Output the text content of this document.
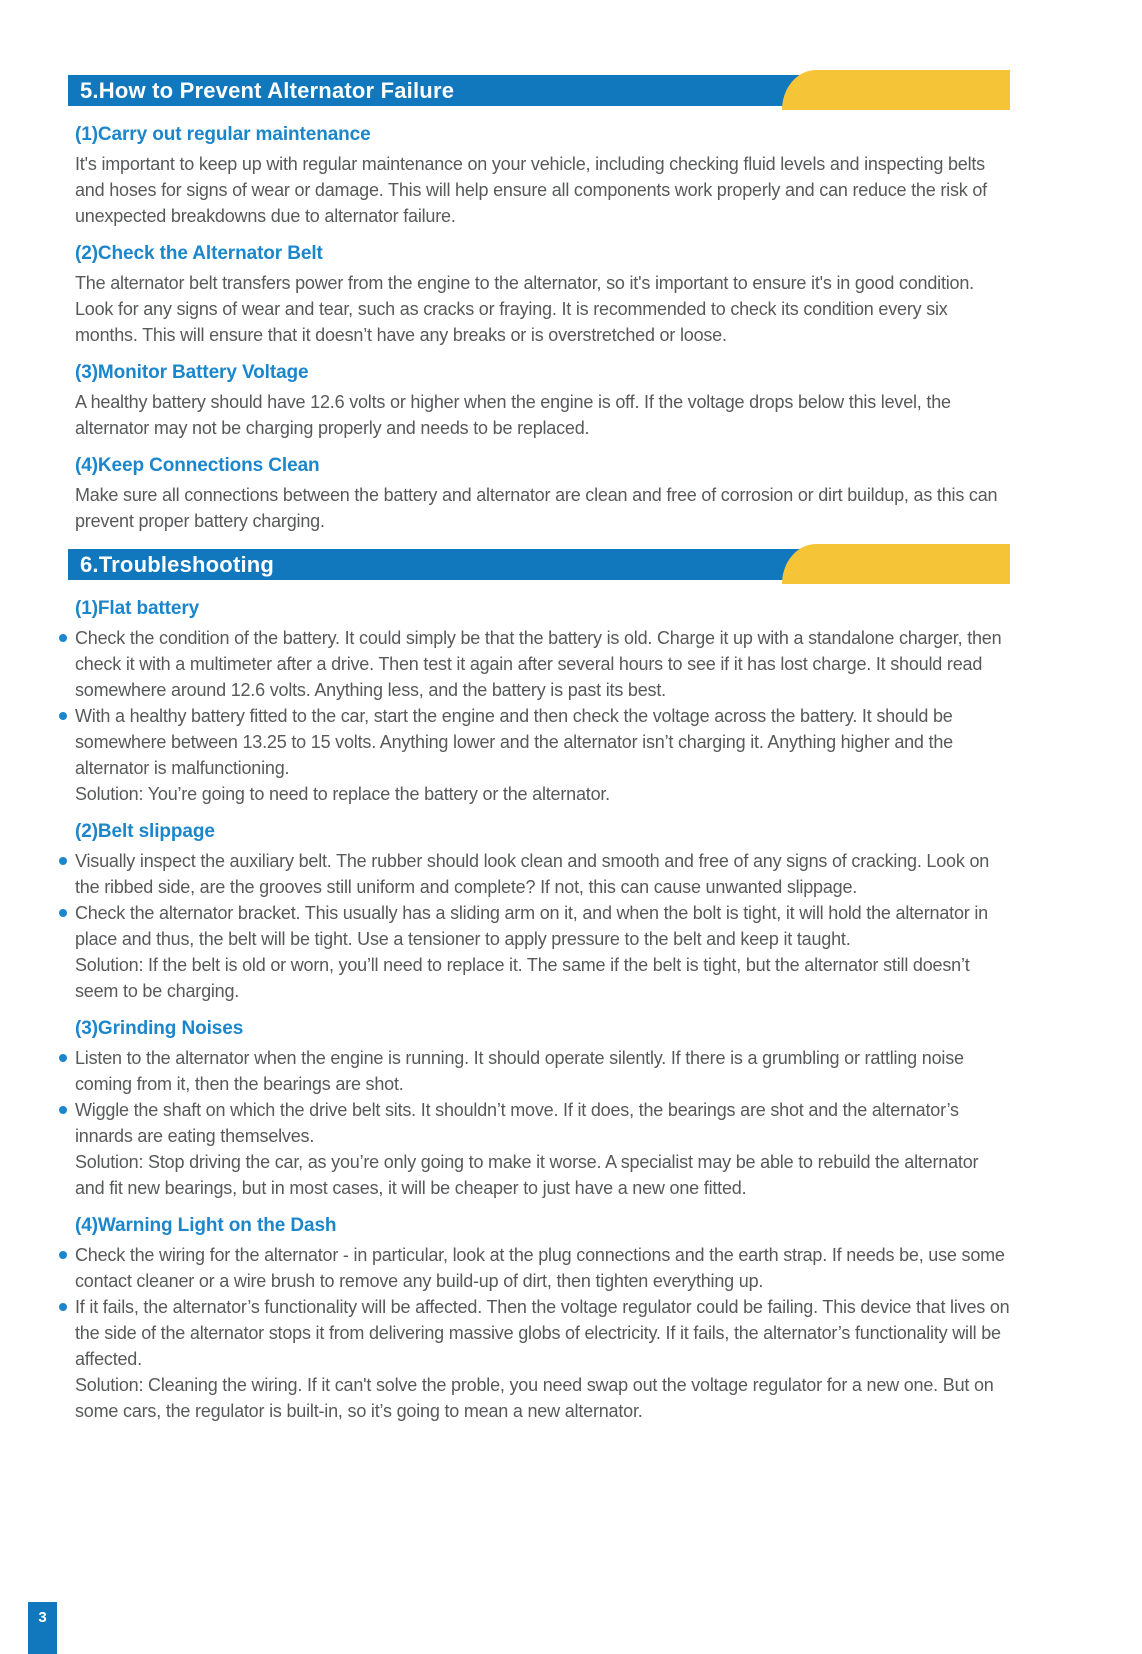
5.How to Prevent Alternator Failure
(1)Carry out regular maintenance

It's important to keep up with regular maintenance on your vehicle, including checking fluid levels and inspecting belts and hoses for signs of wear or damage. This will help ensure all components work properly and can reduce the risk of unexpected breakdowns due to alternator failure.

(2)Check the Alternator Belt

The alternator belt transfers power from the engine to the alternator, so it's important to ensure it's in good condition. Look for any signs of wear and tear, such as cracks or fraying. It is recommended to check its condition every six months. This will ensure that it doesn’t have any breaks or is overstretched or loose.

(3)Monitor Battery Voltage

A healthy battery should have 12.6 volts or higher when the engine is off. If the voltage drops below this level, the alternator may not be charging properly and needs to be replaced.

(4)Keep Connections Clean

Make sure all connections between the battery and alternator are clean and free of corrosion or dirt buildup, as this can prevent proper battery charging.

6.Troubleshooting
(1)Flat battery

Check the condition of the battery. It could simply be that the battery is old. Charge it up with a standalone charger, then check it with a multimeter after a drive. Then test it again after several hours to see if it has lost charge. It should read somewhere around 12.6 volts. Anything less, and the battery is past its best.

With a healthy battery fitted to the car, start the engine and then check the voltage across the battery. It should be somewhere between 13.25 to 15 volts. Anything lower and the alternator isn’t charging it. Anything higher and the alternator is malfunctioning.

Solution: You’re going to need to replace the battery or the alternator.

(2)Belt slippage

Visually inspect the auxiliary belt. The rubber should look clean and smooth and free of any signs of cracking. Look on the ribbed side, are the grooves still uniform and complete? If not, this can cause unwanted slippage.

Check the alternator bracket. This usually has a sliding arm on it, and when the bolt is tight, it will hold the alternator in place and thus, the belt will be tight. Use a tensioner to apply pressure to the belt and keep it taught.

Solution: If the belt is old or worn, you’ll need to replace it. The same if the belt is tight, but the alternator still doesn’t seem to be charging.

(3)Grinding Noises

Listen to the alternator when the engine is running. It should operate silently. If there is a grumbling or rattling noise coming from it, then the bearings are shot.

Wiggle the shaft on which the drive belt sits. It shouldn’t move. If it does, the bearings are shot and the alternator’s innards are eating themselves.

Solution: Stop driving the car, as you’re only going to make it worse. A specialist may be able to rebuild the alternator and fit new bearings, but in most cases, it will be cheaper to just have a new one fitted.

(4)Warning Light on the Dash

Check the wiring for the alternator - in particular, look at the plug connections and the earth strap. If needs be, use some contact cleaner or a wire brush to remove any build-up of dirt, then tighten everything up.

If it fails, the alternator’s functionality will be affected. Then the voltage regulator could be failing. This device that lives on the side of the alternator stops it from delivering massive globs of electricity. If it fails, the alternator’s functionality will be affected.

Solution: Cleaning the wiring. If it can't solve the proble, you need swap out the voltage regulator for a new one. But on some cars, the regulator is built-in, so it’s going to mean a new alternator.

3
